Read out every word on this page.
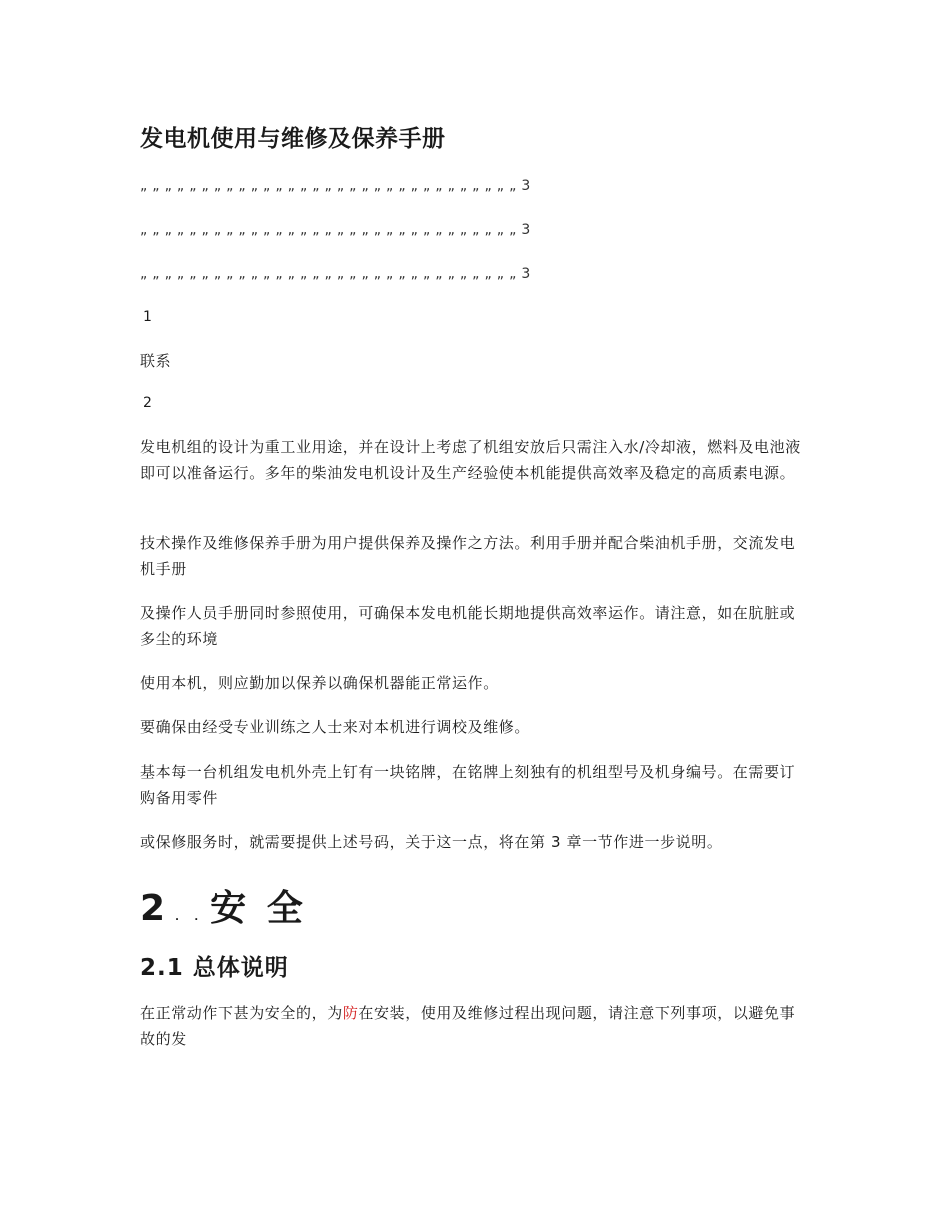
发电机使用与维修及保养手册
„ „ „ „ „ „ „ „ „ „ „ „ „ „ „ „ „ „ „ „ „ „ „ „ „ „ „ „ „ „ „ 3
„ „ „ „ „ „ „ „ „ „ „ „ „ „ „ „ „ „ „ „ „ „ „ „ „ „ „ „ „ „ „ 3
„ „ „ „ „ „ „ „ „ „ „ „ „ „ „ „ „ „ „ „ „ „ „ „ „ „ „ „ „ „ „ 3
1
联系
2

发电机组的设计为重工业用途，并在设计上考虑了机组安放后只需注入水/冷却液，燃料及电池液即可以准备运行。多年的柴油发电机设计及生产经验使本机能提供高效率及稳定的高质素电源。

技术操作及维修保养手册为用户提供保养及操作之方法。利用手册并配合柴油机手册，交流发电机手册

及操作人员手册同时参照使用，可确保本发电机能长期地提供高效率运作。请注意，如在肮脏或多尘的环境

使用本机，则应勤加以保养以确保机器能正常运作。

要确保由经受专业训练之人士来对本机进行调校及维修。

基本每一台机组发电机外壳上钉有一块铭牌，在铭牌上刻独有的机组型号及机身编号。在需要订购备用零件

或保修服务时，就需要提供上述号码，关于这一点，将在第 3 章一节作进一步说明。

2 . . 安 全
2.1 总体说明

在正常动作下甚为安全的，为防在安装，使用及维修过程出现问题，请注意下列事项，以避免事故的发
